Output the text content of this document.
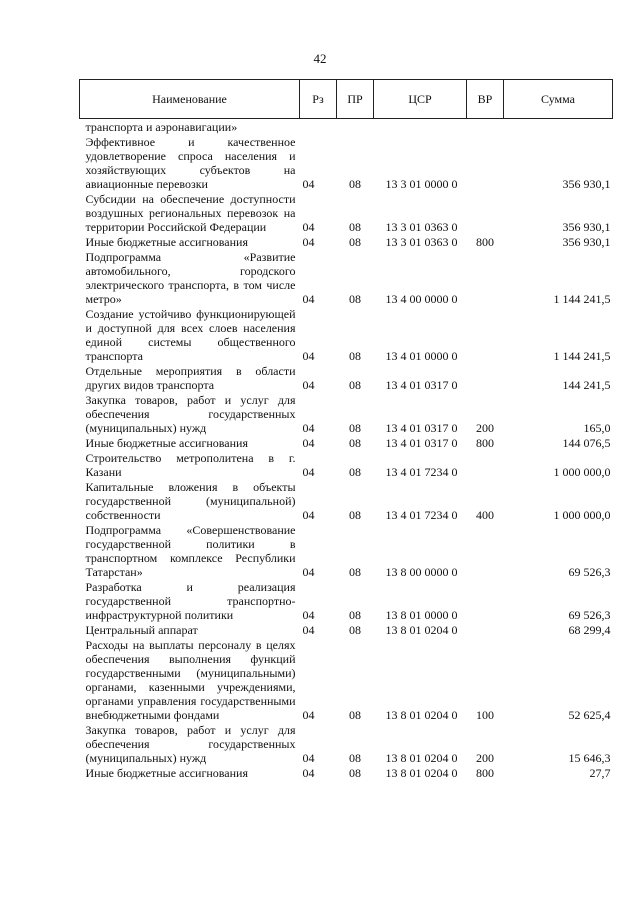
42
Наименование	Рз	ПР	ЦСР	ВР	Сумма
транспорта и аэронавигации»					
Эффективное и качественное удовлетворение спроса населения и хозяйствующих субъектов на авиационные перевозки	04	08	13 3 01 0000 0		356 930,1
Субсидии на обеспечение доступности воздушных региональных перевозок на территории Российской Федерации	04	08	13 3 01 0363 0		356 930,1
Иные бюджетные ассигнования	04	08	13 3 01 0363 0	800	356 930,1
Подпрограмма «Развитие автомобильного, городского электрического транспорта, в том числе метро»	04	08	13 4 00 0000 0		1 144 241,5
Создание устойчиво функционирующей и доступной для всех слоев населения единой системы общественного транспорта	04	08	13 4 01 0000 0		1 144 241,5
Отдельные мероприятия в области других видов транспорта	04	08	13 4 01 0317 0		144 241,5
Закупка товаров, работ и услуг для обеспечения государственных (муниципальных) нужд	04	08	13 4 01 0317 0	200	165,0
Иные бюджетные ассигнования	04	08	13 4 01 0317 0	800	144 076,5
Строительство метрополитена в г. Казани	04	08	13 4 01 7234 0		1 000 000,0
Капитальные вложения в объекты государственной (муниципальной) собственности	04	08	13 4 01 7234 0	400	1 000 000,0
Подпрограмма «Совершенствование государственной политики в транспортном комплексе Республики Татарстан»	04	08	13 8 00 0000 0		69 526,3
Разработка и реализация государственной транспортно-инфраструктурной политики	04	08	13 8 01 0000 0		69 526,3
Центральный аппарат	04	08	13 8 01 0204 0		68 299,4
Расходы на выплаты персоналу в целях обеспечения выполнения функций государственными (муниципальными) органами, казенными учреждениями, органами управления государственными внебюджетными фондами	04	08	13 8 01 0204 0	100	52 625,4
Закупка товаров, работ и услуг для обеспечения государственных (муниципальных) нужд	04	08	13 8 01 0204 0	200	15 646,3
Иные бюджетные ассигнования	04	08	13 8 01 0204 0	800	27,7
